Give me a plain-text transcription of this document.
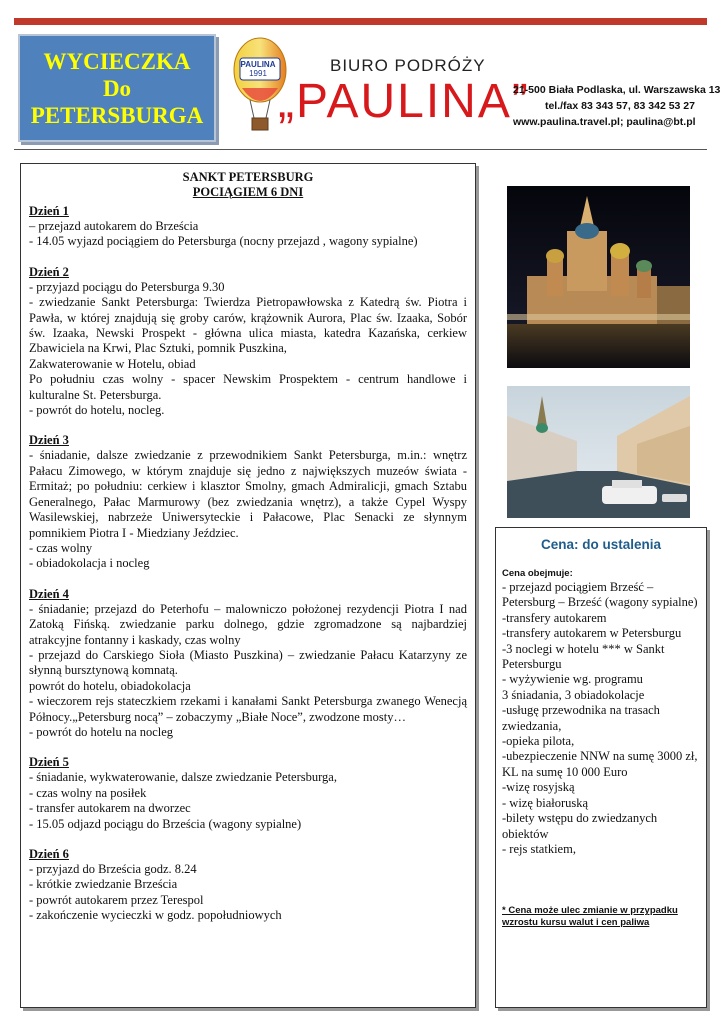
WYCIECZKA
Do
PETERSBURGA
PAULINA
1991	BIURO PODRÓŻY
„PAULINA”
21-500 Biała Podlaska, ul. Warszawska 13
tel./fax 83 343 57, 83 342 53 27
www.paulina.travel.pl; paulina@bt.pl
SANKT PETERSBURG
POCIĄGIEM 6 DNI
Dzień 1
– przejazd autokarem do Brześcia
- 14.05 wyjazd pociągiem do Petersburga (nocny przejazd , wagony sypialne)
Dzień 2
- przyjazd pociągu do Petersburga 9.30
- zwiedzanie Sankt Petersburga: Twierdza Pietropawłowska z Katedrą św. Piotra i Pawła, w której znajdują się groby carów, krążownik Aurora, Plac św. Izaaka, Sobór św. Izaaka, Newski Prospekt - główna ulica miasta, katedra Kazańska, cerkiew Zbawiciela na Krwi, Plac Sztuki, pomnik Puszkina,
Zakwaterowanie w Hotelu, obiad
Po południu czas wolny - spacer Newskim Prospektem - centrum handlowe i kulturalne St. Petersburga.
- powrót do hotelu, nocleg.
Dzień 3
- śniadanie, dalsze zwiedzanie z przewodnikiem Sankt Petersburga, m.in.: wnętrz Pałacu Zimowego, w którym znajduje się jedno z największych muzeów świata - Ermitaż; po południu: cerkiew i klasztor Smolny, gmach Admiralicji, gmach Sztabu Generalnego, Pałac Marmurowy (bez zwiedzania wnętrz), a także Cypel Wyspy Wasilewskiej, nabrzeże Uniwersyteckie i Pałacowe, Plac Senacki ze słynnym pomnikiem Piotra I - Miedziany Jeździec.
- czas wolny
- obiadokolacja i nocleg
Dzień 4
- śniadanie; przejazd do Peterhofu – malowniczo położonej rezydencji Piotra I nad Zatoką Fińską. zwiedzanie parku dolnego, gdzie zgromadzone są najbardziej atrakcyjne fontanny i kaskady, czas wolny
- przejazd do Carskiego Sioła (Miasto Puszkina) – zwiedzanie Pałacu Katarzyny ze słynną bursztynową komnatą.
powrót do hotelu, obiadokolacja
- wieczorem rejs stateczkiem rzekami i kanałami Sankt Petersburga zwanego Wenecją Północy.„Petersburg nocą” – zobaczymy „Białe Noce”, zwodzone mosty…
- powrót do hotelu na nocleg
Dzień 5
- śniadanie, wykwaterowanie, dalsze zwiedzanie Petersburga,
- czas wolny na posiłek
- transfer autokarem na dworzec
- 15.05 odjazd pociągu do Brześcia (wagony sypialne)
Dzień 6
- przyjazd do Brześcia godz. 8.24
- krótkie zwiedzanie Brześcia
- powrót autokarem przez Terespol
- zakończenie wycieczki w godz. popołudniowych
Cena: do ustalenia
Cena obejmuje:
- przejazd pociągiem Brześć – Petersburg – Brześć (wagony sypialne)
-transfery autokarem
-transfery autokarem w Petersburgu
-3 noclegi w hotelu *** w Sankt Petersburgu
- wyżywienie wg. programu
3 śniadania, 3 obiadokolacje
-usługę przewodnika na trasach zwiedzania,
-opieka pilota,
-ubezpieczenie NNW na sumę 3000 zł, KL na sumę 10 000 Euro
-wizę rosyjską
- wizę białoruską
-bilety wstępu do zwiedzanych obiektów
- rejs statkiem,
* Cena może ulec zmianie w przypadku wzrostu kursu walut i cen paliwa
